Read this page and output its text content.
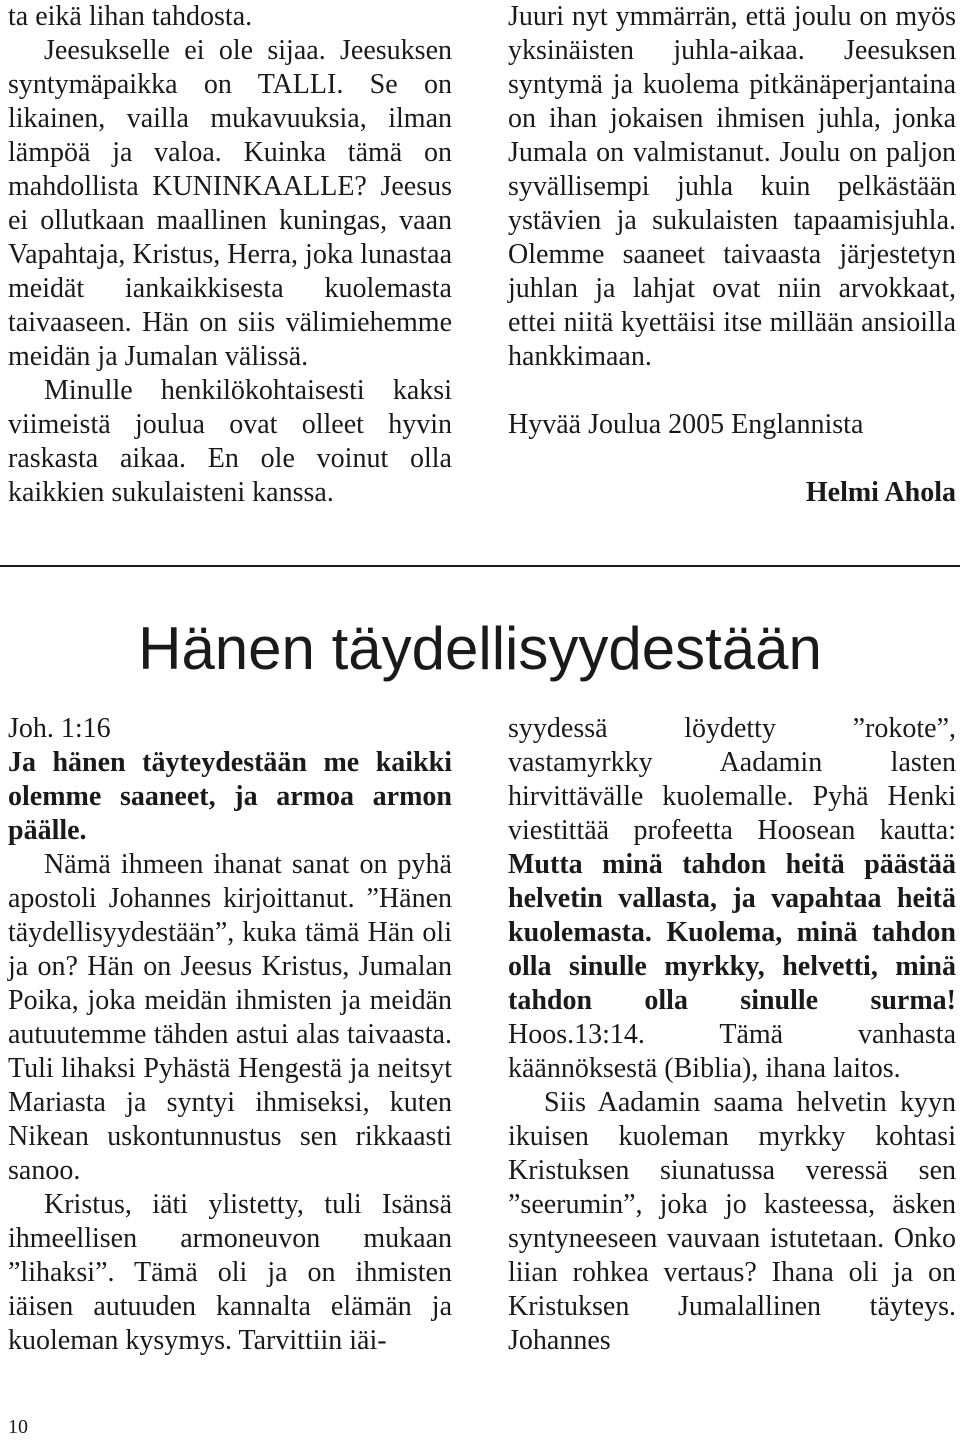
ta eikä lihan tahdosta.

Jeesukselle ei ole sijaa. Jeesuksen syntymäpaikka on TALLI. Se on likainen, vailla mukavuuksia, ilman lämpöä ja valoa. Kuinka tämä on mahdollista KUNINKAALLE? Jeesus ei ollutkaan maallinen kuningas, vaan Vapahtaja, Kristus, Herra, joka lunastaa meidät iankaikkisesta kuolemasta taivaaseen. Hän on siis välimiehemme meidän ja Jumalan välissä.

Minulle henkilökohtaisesti kaksi viimeistä joulua ovat olleet hyvin raskasta aikaa. En ole voinut olla kaikkien sukulaisteni kanssa.

Juuri nyt ymmärrän, että joulu on myös yksinäisten juhla-aikaa. Jeesuksen syntymä ja kuolema pitkänäperjantaina on ihan jokaisen ihmisen juhla, jonka Jumala on valmistanut. Joulu on paljon syvällisempi juhla kuin pelkästään ystävien ja sukulaisten tapaamisjuhla. Olemme saaneet taivaasta järjestetyn juhlan ja lahjat ovat niin arvokkaat, ettei niitä kyettäisi itse millään ansioilla hankkimaan.

Hyvää Joulua 2005 Englannista

Helmi Ahola

Hänen täydellisyydestään

Joh. 1:16

Ja hänen täyteydestään me kaikki olemme saaneet, ja armoa armon päälle.

Nämä ihmeen ihanat sanat on pyhä apostoli Johannes kirjoittanut. ”Hänen täydellisyydestään”, kuka tämä Hän oli ja on? Hän on Jeesus Kristus, Jumalan Poika, joka meidän ihmisten ja meidän autuutemme tähden astui alas taivaasta. Tuli lihaksi Pyhästä Hengestä ja neitsyt Mariasta ja syntyi ihmiseksi, kuten Nikean uskontunnustus sen rikkaasti sanoo.

Kristus, iäti ylistetty, tuli Isänsä ihmeellisen armoneuvon mukaan ”lihaksi”. Tämä oli ja on ihmisten iäisen autuuden kannalta elämän ja kuoleman kysymys. Tarvittiin iäi-

syydessä löydetty ”rokote”, vastamyrkky Aadamin lasten hirvittävälle kuolemalle. Pyhä Henki viestittää profeetta Hoosean kautta: Mutta minä tahdon heitä päästää helvetin vallasta, ja vapahtaa heitä kuolemasta. Kuolema, minä tahdon olla sinulle myrkky, helvetti, minä tahdon olla sinulle surma! Hoos.13:14. Tämä vanhasta käännöksestä (Biblia), ihana laitos.

Siis Aadamin saama helvetin kyyn ikuisen kuoleman myrkky kohtasi Kristuksen siunatussa veressä sen ”seerumin”, joka jo kasteessa, äsken syntyneeseen vauvaan istutetaan. Onko liian rohkea vertaus? Ihana oli ja on Kristuksen Jumalallinen täyteys. Johannes

10
